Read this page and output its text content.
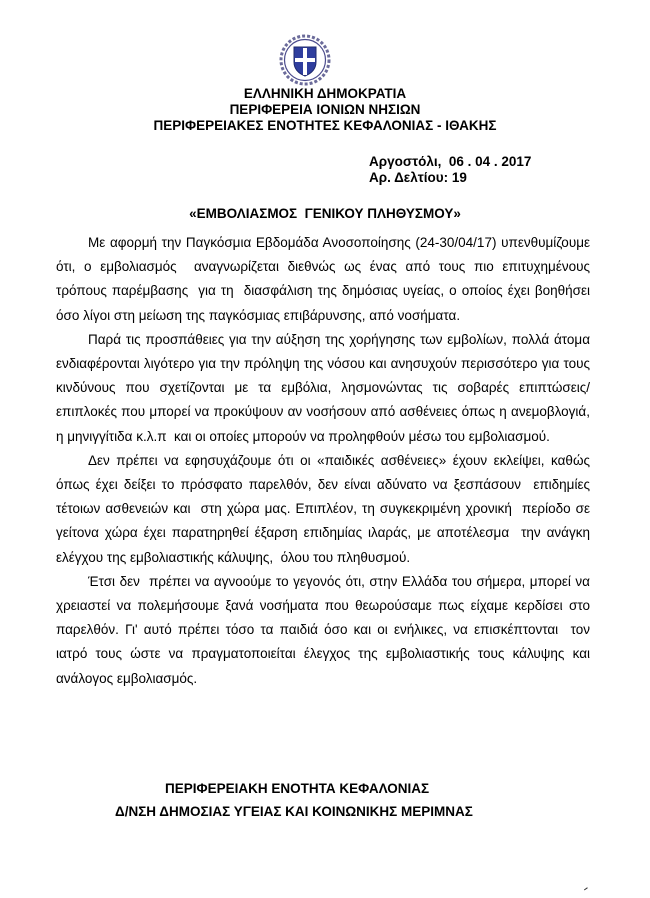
ΕΛΛΗΝΙΚΗ ΔΗΜΟΚΡΑΤΙΑ
ΠΕΡΙΦΕΡΕΙΑ ΙΟΝΙΩΝ ΝΗΣΙΩΝ
ΠΕΡΙΦΕΡΕΙΑΚΕΣ ΕΝΟΤΗΤΕΣ ΚΕΦΑΛΟΝΙΑΣ - ΙΘΑΚΗΣ
Αργοστόλι,  06 . 04 . 2017
Αρ. Δελτίου: 19
«ΕΜΒΟΛΙΑΣΜΟΣ  ΓΕΝΙΚΟΥ ΠΛΗΘΥΣΜΟΥ»

Με αφορμή την Παγκόσμια Εβδομάδα Ανοσοποίησης (24-30/04/17) υπενθυμίζουμε ότι, ο εμβολιασμός  αναγνωρίζεται διεθνώς ως ένας από τους πιο επιτυχημένους   τρόπους παρέμβασης  για τη  διασφάλιση της δημόσιας υγείας, ο οποίος έχει βοηθήσει όσο λίγοι στη μείωση της παγκόσμιας επιβάρυνσης, από νοσήματα.

Παρά τις προσπάθειες για την αύξηση της χορήγησης των εμβολίων, πολλά άτομα  ενδιαφέρονται λιγότερο για την πρόληψη της νόσου και ανησυχούν περισσότερο για τους κινδύνους που σχετίζονται με τα εμβόλια, λησμονώντας τις σοβαρές επιπτώσεις/επιπλοκές που μπορεί να προκύψουν αν νοσήσουν από ασθένειες όπως η ανεμοβλογιά, η μηνιγγίτιδα κ.λ.π  και οι οποίες μπορούν να προληφθούν μέσω του εμβολιασμού.

Δεν πρέπει να εφησυχάζουμε ότι οι «παιδικές ασθένειες» έχουν εκλείψει, καθώς όπως έχει δείξει το πρόσφατο παρελθόν, δεν είναι αδύνατο να ξεσπάσουν  επιδημίες τέτοιων ασθενειών και  στη χώρα μας. Επιπλέον, τη συγκεκριμένη χρονική  περίοδο σε γείτονα χώρα έχει παρατηρηθεί έξαρση επιδημίας ιλαράς, με αποτέλεσμα  την ανάγκη ελέγχου της εμβολιαστικής κάλυψης,  όλου του πληθυσμού.

Έτσι δεν  πρέπει να αγνοούμε το γεγονός ότι, στην Ελλάδα του σήμερα, μπορεί να χρειαστεί να πολεμήσουμε ξανά νοσήματα που θεωρούσαμε πως είχαμε κερδίσει στο παρελθόν. Γι' αυτό πρέπει τόσο τα παιδιά όσο και οι ενήλικες, να επισκέπτονται  τον ιατρό τους ώστε να πραγματοποιείται έλεγχος της εμβολιαστικής τους κάλυψης και ανάλογος εμβολιασμός.

ΠΕΡΙΦΕΡΕΙΑΚΗ ΕΝΟΤΗΤΑ ΚΕΦΑΛΟΝΙΑΣ
Δ/ΝΣΗ ΔΗΜΟΣΙΑΣ ΥΓΕΙΑΣ ΚΑΙ ΚΟΙΝΩΝΙΚΗΣ ΜΕΡΙΜΝΑΣ
